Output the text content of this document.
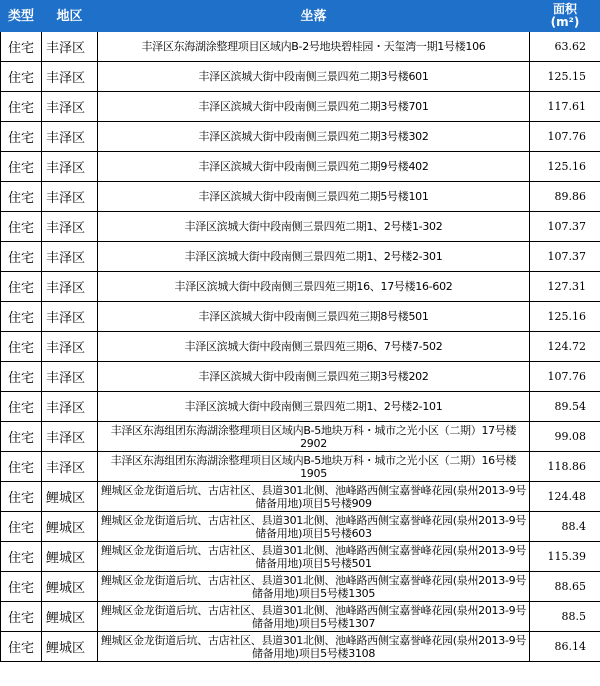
类型	地区	坐落	面积
(m²)
住宅	丰泽区	丰泽区东海湖涂整理项目区域内B-2号地块碧桂园・天玺湾一期1号楼106	63.62
住宅	丰泽区	丰泽区滨城大街中段南侧三景四苑二期3号楼601	125.15
住宅	丰泽区	丰泽区滨城大街中段南侧三景四苑二期3号楼701	117.61
住宅	丰泽区	丰泽区滨城大街中段南侧三景四苑二期3号楼302	107.76
住宅	丰泽区	丰泽区滨城大街中段南侧三景四苑二期9号楼402	125.16
住宅	丰泽区	丰泽区滨城大街中段南侧三景四苑二期5号楼101	89.86
住宅	丰泽区	丰泽区滨城大街中段南侧三景四苑二期1、2号楼1-302	107.37
住宅	丰泽区	丰泽区滨城大街中段南侧三景四苑二期1、2号楼2-301	107.37
住宅	丰泽区	丰泽区滨城大街中段南侧三景四苑三期16、17号楼16-602	127.31
住宅	丰泽区	丰泽区滨城大街中段南侧三景四苑三期8号楼501	125.16
住宅	丰泽区	丰泽区滨城大街中段南侧三景四苑三期6、7号楼7-502	124.72
住宅	丰泽区	丰泽区滨城大街中段南侧三景四苑三期3号楼202	107.76
住宅	丰泽区	丰泽区滨城大街中段南侧三景四苑二期1、2号楼2-101	89.54
住宅	丰泽区	丰泽区东海组团东海湖涂整理项目区域内B-5地块万科・城市之光小区（二期）17号楼2902	99.08
住宅	丰泽区	丰泽区东海组团东海湖涂整理项目区域内B-5地块万科・城市之光小区（二期）16号楼1905	118.86
住宅	鲤城区	鲤城区金龙街道后坑、古店社区、县道301北侧、池峰路西侧宝嘉誉峰花园(泉州2013-9号储备用地)项目5号楼909	124.48
住宅	鲤城区	鲤城区金龙街道后坑、古店社区、县道301北侧、池峰路西侧宝嘉誉峰花园(泉州2013-9号储备用地)项目5号楼603	88.4
住宅	鲤城区	鲤城区金龙街道后坑、古店社区、县道301北侧、池峰路西侧宝嘉誉峰花园(泉州2013-9号储备用地)项目5号楼501	115.39
住宅	鲤城区	鲤城区金龙街道后坑、古店社区、县道301北侧、池峰路西侧宝嘉誉峰花园(泉州2013-9号储备用地)项目5号楼1305	88.65
住宅	鲤城区	鲤城区金龙街道后坑、古店社区、县道301北侧、池峰路西侧宝嘉誉峰花园(泉州2013-9号储备用地)项目5号楼1307	88.5
住宅	鲤城区	鲤城区金龙街道后坑、古店社区、县道301北侧、池峰路西侧宝嘉誉峰花园(泉州2013-9号储备用地)项目5号楼3108	86.14
